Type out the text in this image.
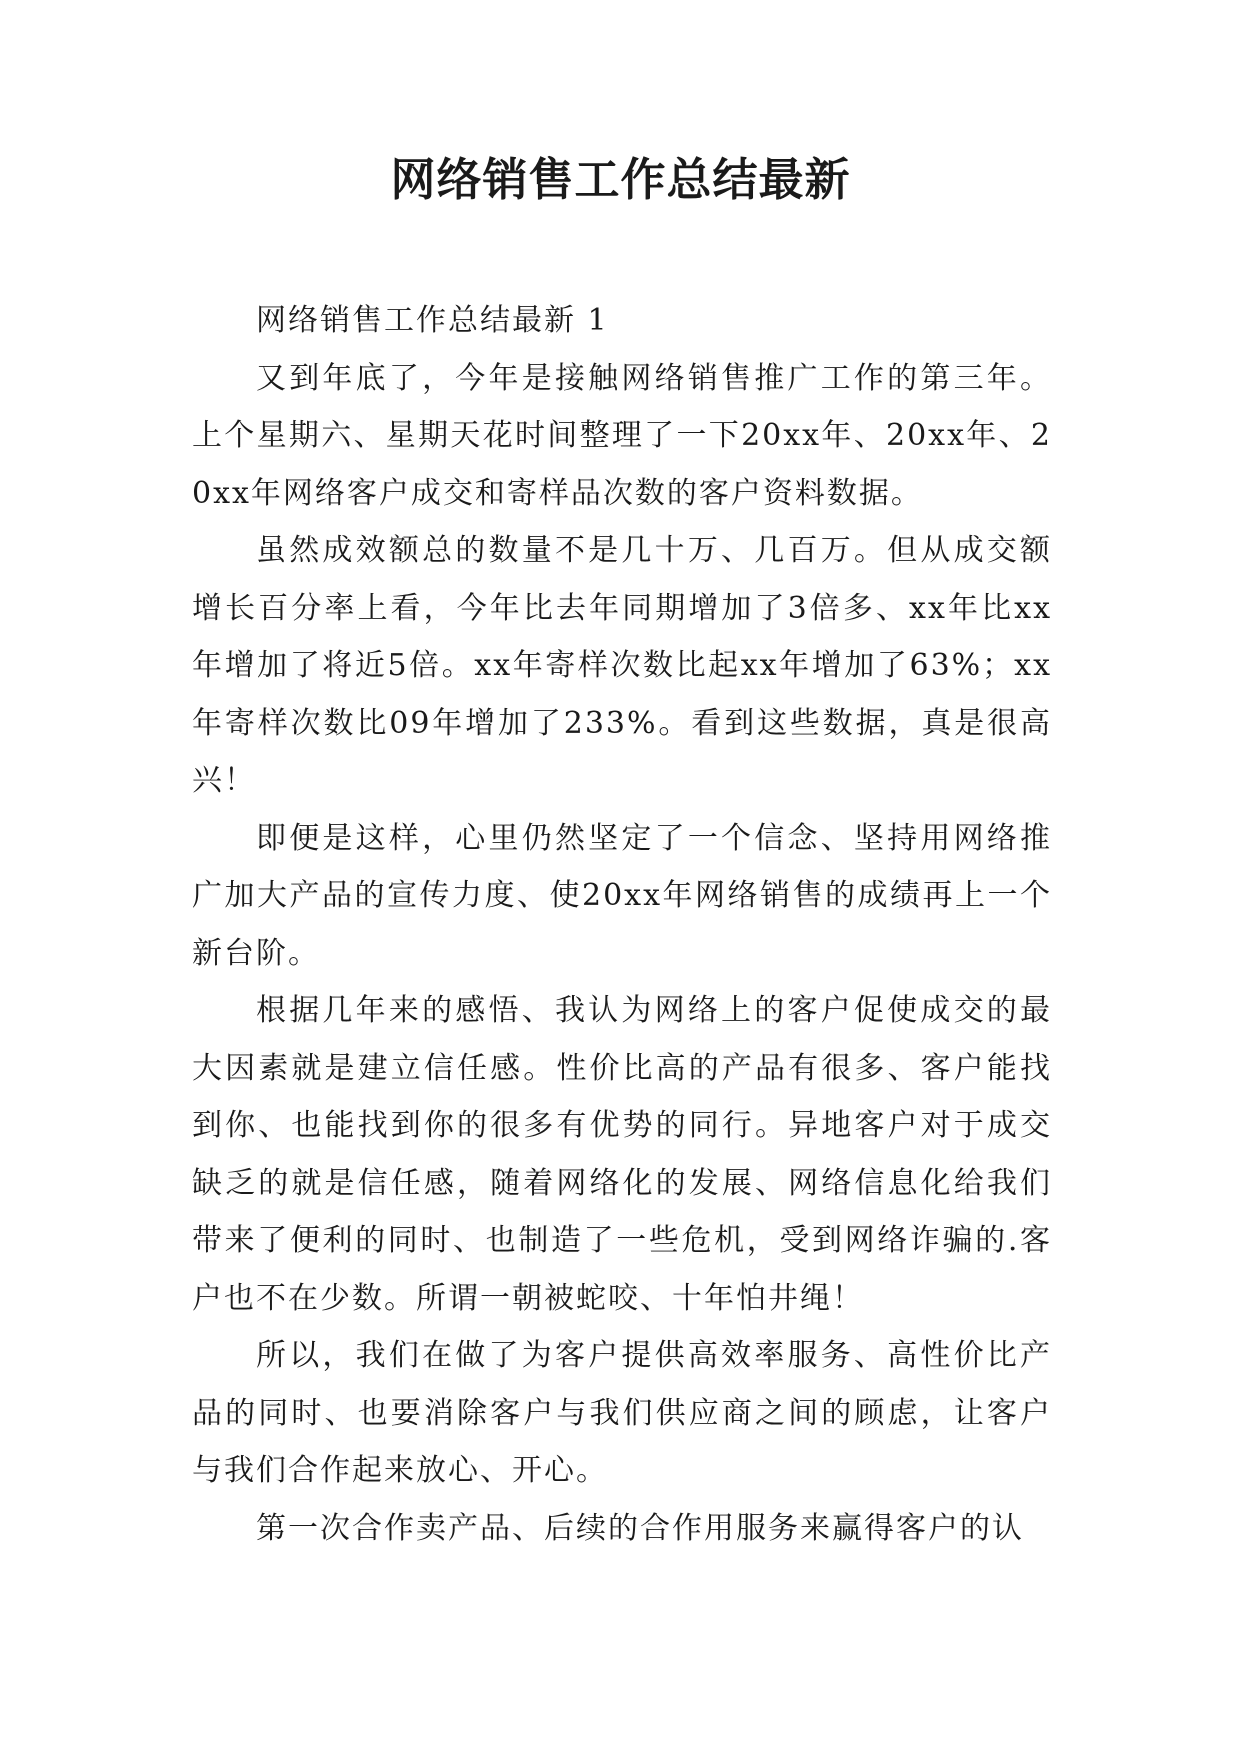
网络销售工作总结最新

网络销售工作总结最新 1

又到年底了，今年是接触网络销售推广工作的第三年。上个星期六、星期天花时间整理了一下20xx年、20xx年、20xx年网络客户成交和寄样品次数的客户资料数据。

虽然成效额总的数量不是几十万、几百万。但从成交额增长百分率上看，今年比去年同期增加了3倍多、xx年比xx年增加了将近5倍。xx年寄样次数比起xx年增加了63%；xx年寄样次数比09年增加了233%。看到这些数据，真是很高兴！

即便是这样，心里仍然坚定了一个信念、坚持用网络推广加大产品的宣传力度、使20xx年网络销售的成绩再上一个新台阶。

根据几年来的感悟、我认为网络上的客户促使成交的最大因素就是建立信任感。性价比高的产品有很多、客户能找到你、也能找到你的很多有优势的同行。异地客户对于成交缺乏的就是信任感，随着网络化的发展、网络信息化给我们带来了便利的同时、也制造了一些危机，受到网络诈骗的.客户也不在少数。所谓一朝被蛇咬、十年怕井绳！

所以，我们在做了为客户提供高效率服务、高性价比产品的同时、也要消除客户与我们供应商之间的顾虑，让客户与我们合作起来放心、开心。

第一次合作卖产品、后续的合作用服务来赢得客户的认
